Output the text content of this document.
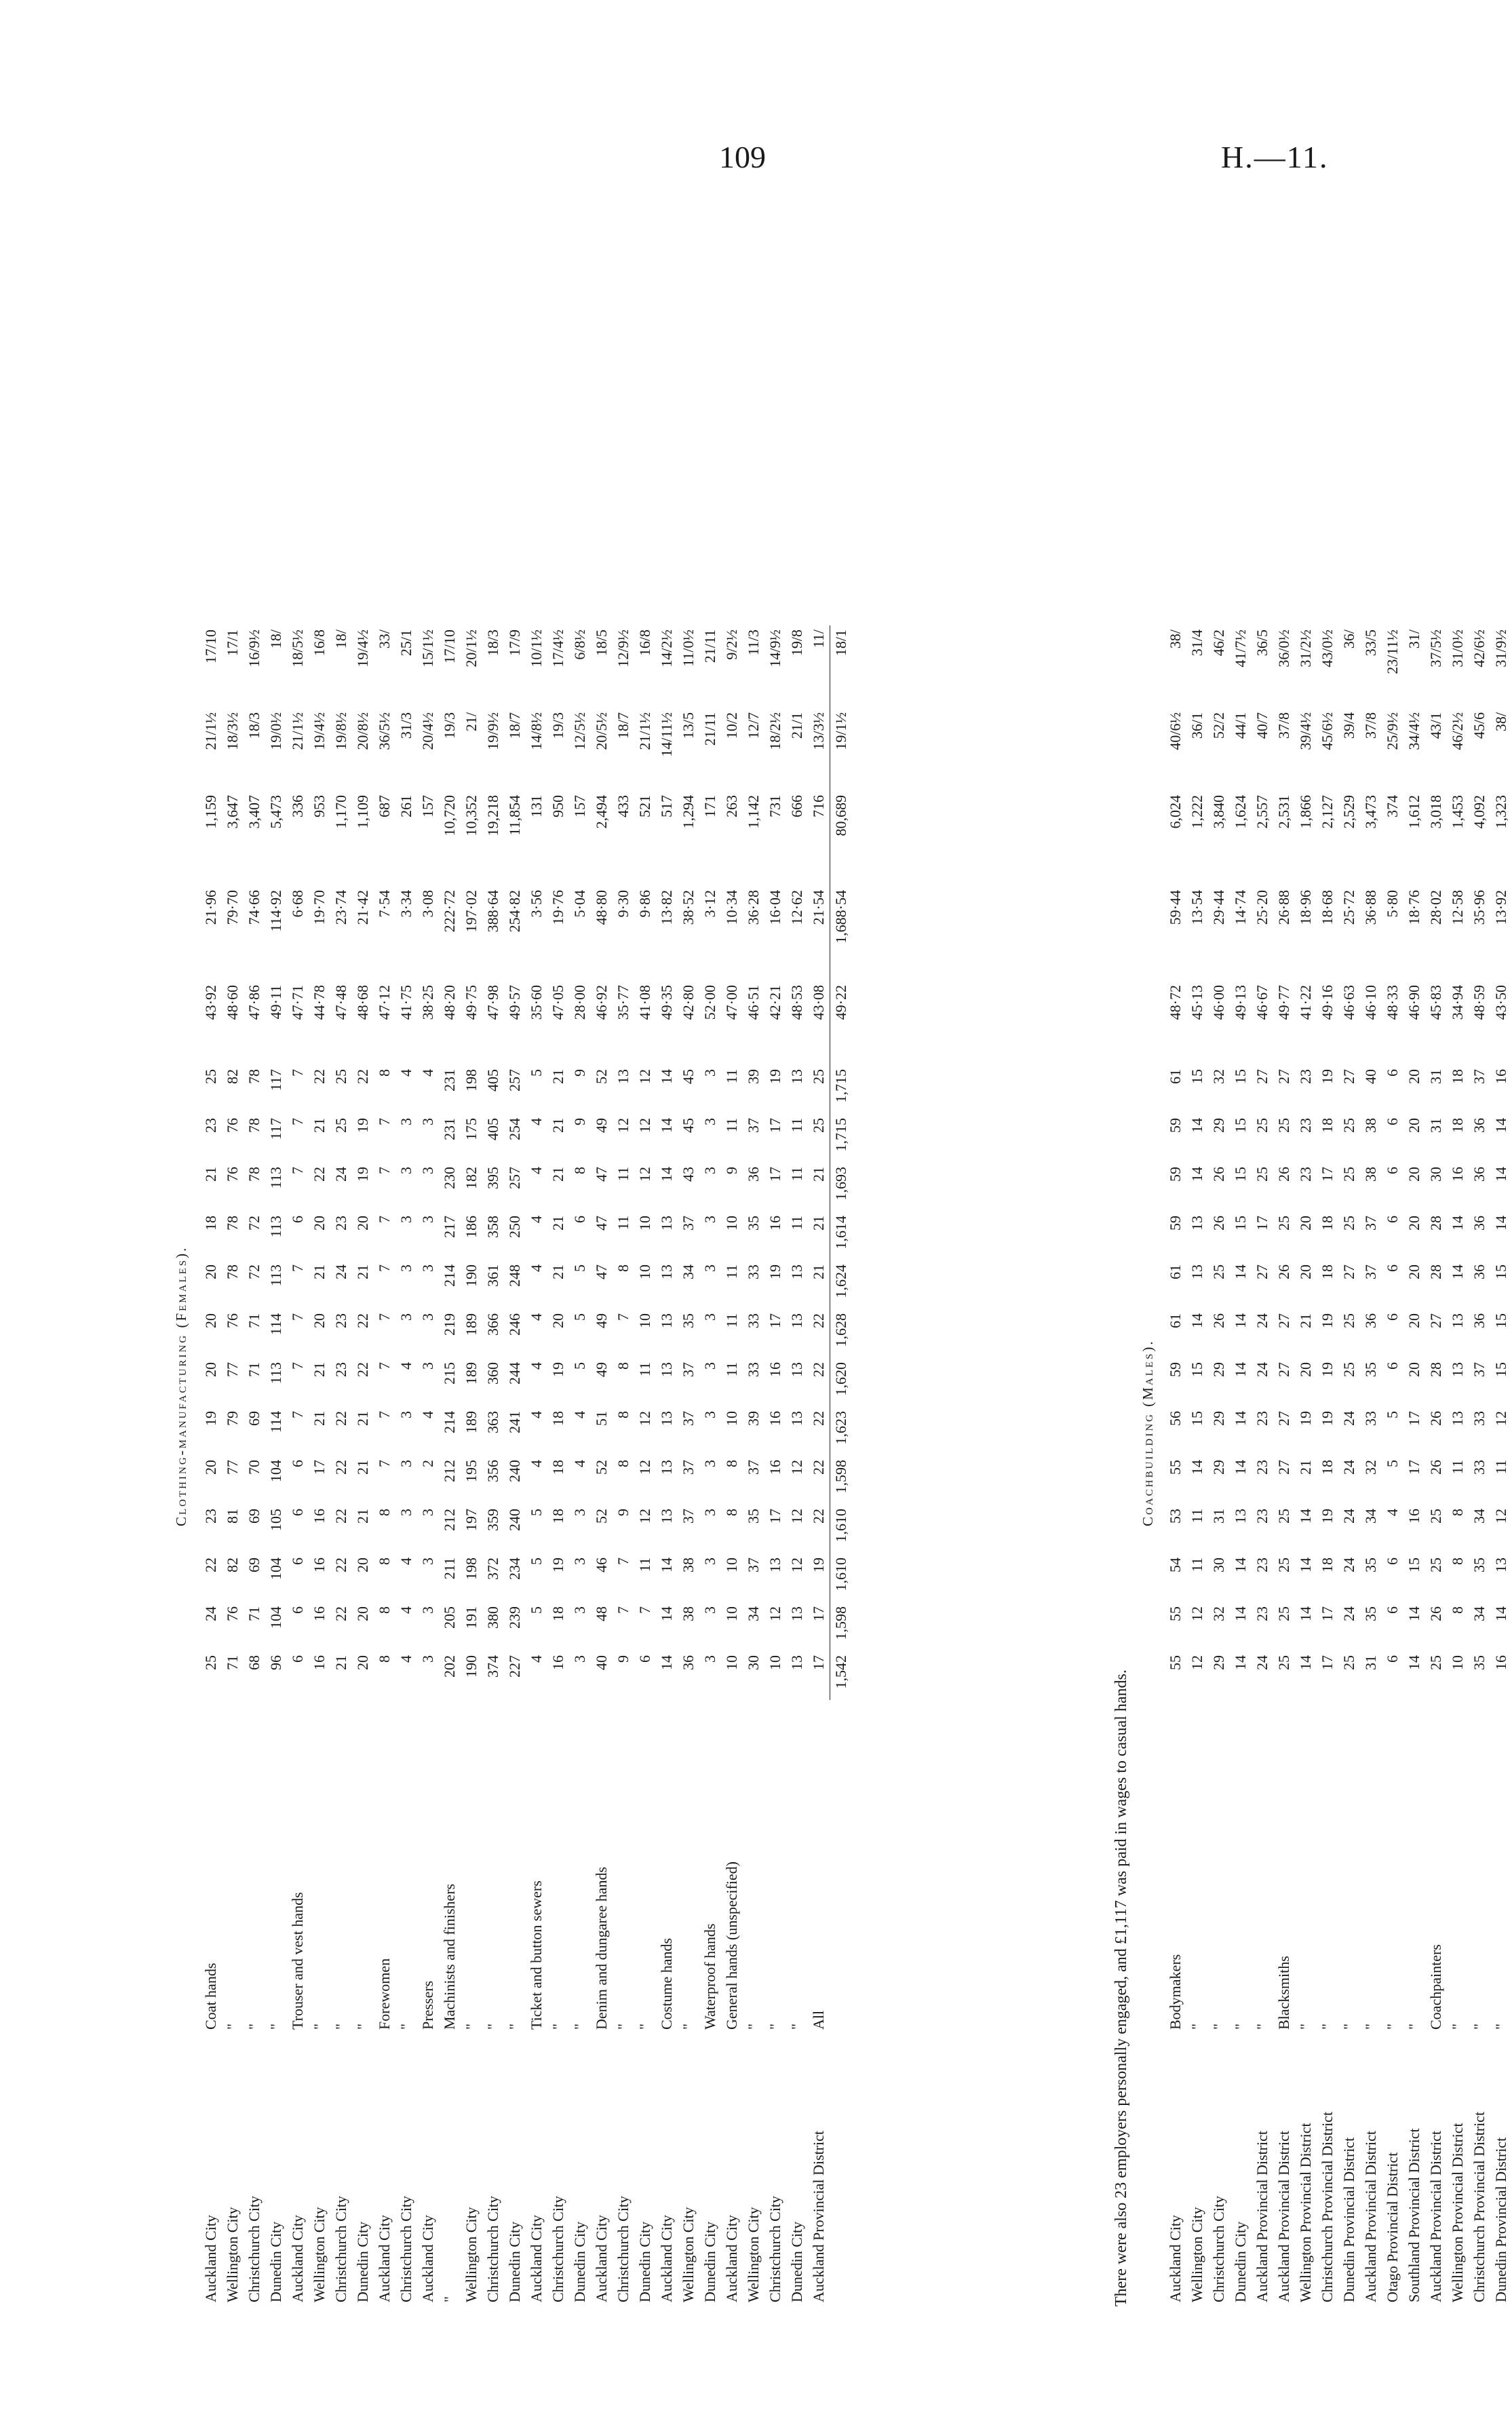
109	H.—11.
Clothing-manufacturing (Females).
Auckland City	Coat hands	25	24	22	23	20	19	20	20	20	18	21	23	25	43·92	21·96	1,159	21/1½	17/10
Wellington City	"	71	76	82	81	77	79	77	76	78	78	76	76	82	48·60	79·70	3,647	18/3½	17/1
Christchurch City	"	68	71	69	69	70	69	71	71	72	72	78	78	78	47·86	74·66	3,407	18/3	16/9½
Dunedin City	"	96	104	104	105	104	114	113	114	113	113	113	117	117	49·11	114·92	5,473	19/0½	18/
Auckland City	Trouser and vest hands	6	6	6	6	6	7	7	7	7	6	7	7	7	47·71	6·68	336	21/1½	18/5½
Wellington City	"	16	16	16	16	17	21	21	20	21	20	22	21	22	44·78	19·70	953	19/4½	16/8
Christchurch City	"	21	22	22	22	22	22	23	23	24	23	24	25	25	47·48	23·74	1,170	19/8½	18/
Dunedin City	"	20	20	20	21	21	21	22	22	21	20	19	19	22	48·68	21·42	1,109	20/8½	19/4½
Auckland City	Forewomen	8	8	8	8	7	7	7	7	7	7	7	7	8	47·12	7·54	687	36/5½	33/
Christchurch City	"	4	4	4	3	3	3	4	3	3	3	3	3	4	41·75	3·34	261	31/3	25/1
Auckland City	Pressers	3	3	3	3	2	4	3	3	3	3	3	3	4	38·25	3·08	157	20/4½	15/1½
"	Machinists and finishers	202	205	211	212	212	214	215	219	214	217	230	231	231	48·20	222·72	10,720	19/3	17/10
Wellington City	"	190	191	198	197	195	189	189	189	190	186	182	175	198	49·75	197·02	10,352	21/	20/1½
Christchurch City	"	374	380	372	359	356	363	360	366	361	358	395	405	405	47·98	388·64	19,218	19/9½	18/3
Dunedin City	"	227	239	234	240	240	241	244	246	248	250	257	254	257	49·57	254·82	11,854	18/7	17/9
Auckland City	Ticket and button sewers	4	5	5	5	4	4	4	4	4	4	4	4	5	35·60	3·56	131	14/8½	10/1½
Christchurch City	"	16	18	19	18	18	18	19	20	21	21	21	21	21	47·05	19·76	950	19/3	17/4½
Dunedin City	"	3	3	3	3	4	4	5	5	5	6	8	9	9	28·00	5·04	157	12/5½	6/8½
Auckland City	Denim and dungaree hands	40	48	46	52	52	51	49	49	47	47	47	49	52	46·92	48·80	2,494	20/5½	18/5
Christchurch City	"	9	7	7	9	8	8	8	7	8	11	11	12	13	35·77	9·30	433	18/7	12/9½
Dunedin City	"	6	7	11	12	12	12	11	10	10	10	12	12	12	41·08	9·86	521	21/1½	16/8
Auckland City	Costume hands	14	14	14	13	13	13	13	13	13	13	14	14	14	49·35	13·82	517	14/11½	14/2½
Wellington City	"	36	38	38	37	37	37	37	35	34	37	43	45	45	42·80	38·52	1,294	13/5	11/0½
Dunedin City	Waterproof hands	3	3	3	3	3	3	3	3	3	3	3	3	3	52·00	3·12	171	21/11	21/11
Auckland City	General hands (unspecified)	10	10	10	8	8	10	11	11	11	10	9	11	11	47·00	10·34	263	10/2	9/2½
Wellington City	"	30	34	37	35	37	39	33	33	33	35	36	37	39	46·51	36·28	1,142	12/7	11/3
Christchurch City	"	10	12	13	17	16	16	16	17	19	16	17	17	19	42·21	16·04	731	18/2½	14/9½
Dunedin City	"	13	13	12	12	12	13	13	13	13	11	11	11	13	48·53	12·62	666	21/1	19/8
Auckland Provincial District	All	17	17	19	22	22	22	22	22	21	21	21	25	25	43·08	21·54	716	13/3½	11/
		1,542	1,598	1,610	1,610	1,598	1,623	1,620	1,628	1,624	1,614	1,693	1,715	1,715	49·22	1,688·54	80,689	19/1½	18/1
There were also 23 employers personally engaged, and £1,117 was paid in wages to casual hands.
Coachbuilding (Males).
Auckland City	Bodymakers	55	55	54	53	55	56	59	61	61	59	59	59	61	48·72	59·44	6,024	40/6½	38/
Wellington City	"	12	12	11	11	14	15	15	14	13	13	14	14	15	45·13	13·54	1,222	36/1	31/4
Christchurch City	"	29	32	30	31	29	29	29	26	25	26	26	29	32	46·00	29·44	3,840	52/2	46/2
Dunedin City	"	14	14	14	13	14	14	14	14	14	15	15	15	15	49·13	14·74	1,624	44/1	41/7½
Auckland Provincial District	"	24	23	23	23	23	23	24	24	27	17	25	25	27	46·67	25·20	2,557	40/7	36/5
Auckland Provincial District	Blacksmiths	25	25	25	25	27	27	27	27	26	25	26	25	27	49·77	26·88	2,531	37/8	36/0½
Wellington Provincial District	"	14	14	14	14	21	19	20	21	20	20	23	23	23	41·22	18·96	1,866	39/4½	31/2½
Christchurch Provincial District	"	17	17	18	19	18	19	19	19	18	18	17	18	19	49·16	18·68	2,127	45/6½	43/0½
Dunedin Provincial District	"	25	24	24	24	24	24	25	25	27	25	25	25	27	46·63	25·72	2,529	39/4	36/
Auckland Provincial District	"	31	35	35	34	32	33	35	36	37	37	38	38	40	46·10	36·88	3,473	37/8	33/5
Otago Provincial District	"	6	6	6	4	5	5	6	6	6	6	6	6	6	48·33	5·80	374	25/9½	23/11½
Southland Provincial District	"	14	14	15	16	17	17	20	20	20	20	20	20	20	46·90	18·76	1,612	34/4½	31/
Auckland Provincial District	Coachpainters	25	26	25	25	26	26	28	27	28	28	30	31	31	45·83	28·02	3,018	43/1	37/5½
Wellington Provincial District	"	10	8	8	8	11	13	13	13	14	14	16	18	18	34·94	12·58	1,453	46/2½	31/0½
Christchurch Provincial District	"	35	34	35	34	33	33	37	36	36	36	36	36	37	48·59	35·96	4,092	45/6	42/6½
Dunedin Provincial District	"	16	14	13	12	11	12	15	15	15	14	14	14	16	43·50	13·92	1,323	38/	31/9½
